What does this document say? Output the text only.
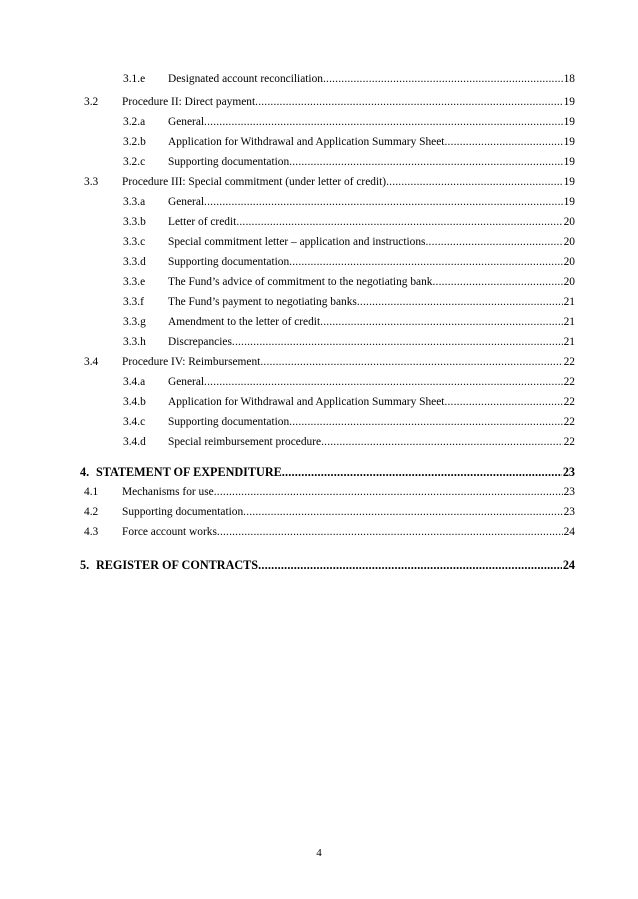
3.1.e	Designated account reconciliation .....	18
3.2	Procedure II: Direct payment .....	19
3.2.a	General .....	19
3.2.b	Application for Withdrawal and Application Summary Sheet .....	19
3.2.c	Supporting documentation .....	19
3.3	Procedure III: Special commitment (under letter of credit) .....	19
3.3.a	General .....	19
3.3.b	Letter of credit .....	20
3.3.c	Special commitment letter – application and instructions .....	20
3.3.d	Supporting documentation .....	20
3.3.e	The Fund’s advice of commitment to the negotiating bank .....	20
3.3.f	The Fund’s payment to negotiating banks .....	21
3.3.g	Amendment to the letter of credit .....	21
3.3.h	Discrepancies .....	21
3.4	Procedure IV: Reimbursement .....	22
3.4.a	General .....	22
3.4.b	Application for Withdrawal and Application Summary Sheet .....	22
3.4.c	Supporting documentation .....	22
3.4.d	Special reimbursement procedure .....	22
4. STATEMENT OF EXPENDITURE .....	23
4.1	Mechanisms for use .....	23
4.2	Supporting documentation .....	23
4.3	Force account works .....	24
5. REGISTER OF CONTRACTS .....	24
4
